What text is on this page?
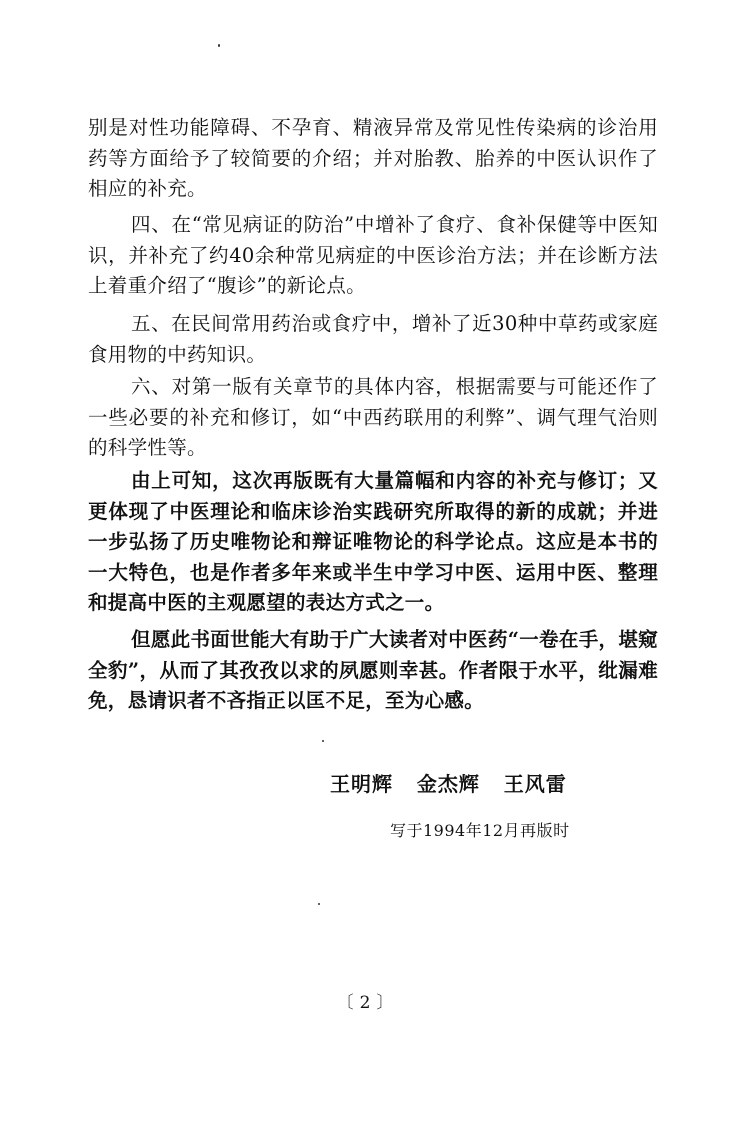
别是对性功能障碍、不孕育、精液异常及常见性传染病的诊治用药等方面给予了较简要的介绍；并对胎教、胎养的中医认识作了相应的补充。

四、在“常见病证的防治”中增补了食疗、食补保健等中医知识，并补充了约40余种常见病症的中医诊治方法；并在诊断方法上着重介绍了“腹诊”的新论点。

五、在民间常用药治或食疗中，增补了近30种中草药或家庭食用物的中药知识。

六、对第一版有关章节的具体内容，根据需要与可能还作了一些必要的补充和修订，如“中西药联用的利弊”、调气理气治则的科学性等。

由上可知，这次再版既有大量篇幅和内容的补充与修订；又更体现了中医理论和临床诊治实践研究所取得的新的成就；并进一步弘扬了历史唯物论和辩证唯物论的科学论点。这应是本书的一大特色，也是作者多年来或半生中学习中医、运用中医、整理和提高中医的主观愿望的表达方式之一。

但愿此书面世能大有助于广大读者对中医药“一卷在手，堪窥全豹”，从而了其孜孜以求的夙愿则幸甚。作者限于水平，纰漏难免，恳请识者不吝指正以匡不足，至为心感。

王明辉   金杰辉   王风雷
写于1994年12月再版时
〔2〕
